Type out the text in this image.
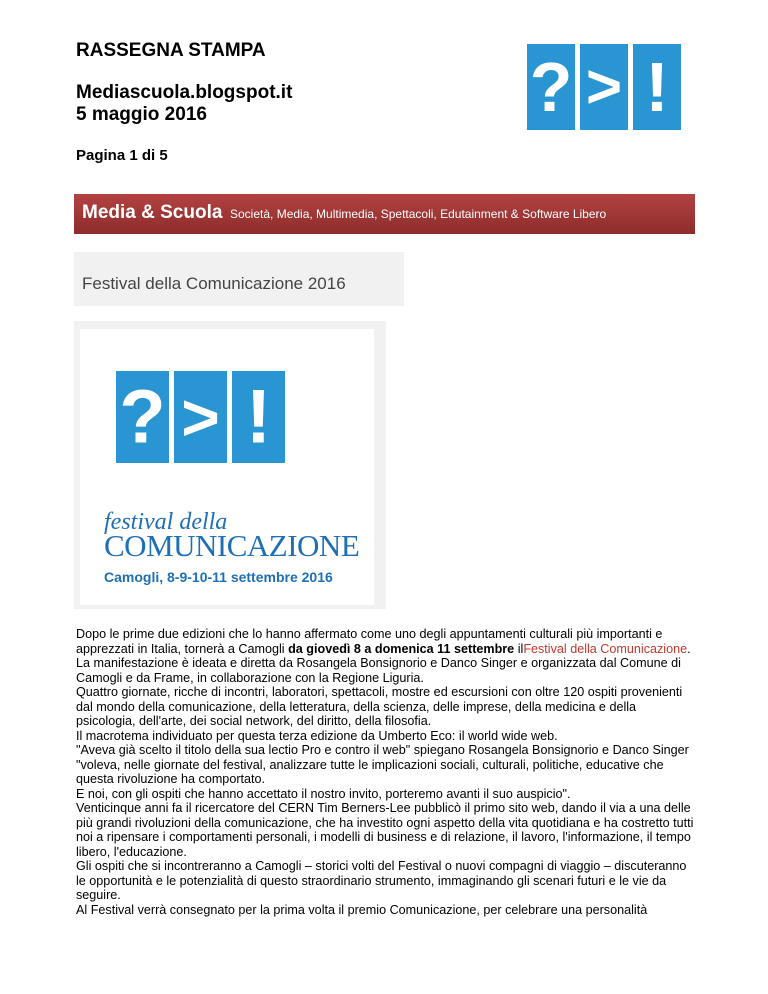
RASSEGNA STAMPA
Mediascuola.blogspot.it
5 maggio 2016
Pagina 1 di 5
? > !
Media & Scuola Società, Media, Multimedia, Spettacoli, Edutainment & Software Libero
Festival della Comunicazione 2016
? > !
festival della
COMUNICAZIONE
Camogli, 8-9-10-11 settembre 2016

Dopo le prime due edizioni che lo hanno affermato come uno degli appuntamenti culturali più importanti e apprezzati in Italia, tornerà a Camogli da giovedì 8 a domenica 11 settembre ilFestival della Comunicazione.

La manifestazione è ideata e diretta da Rosangela Bonsignorio e Danco Singer e organizzata dal Comune di Camogli e da Frame, in collaborazione con la Regione Liguria.

Quattro giornate, ricche di incontri, laboratori, spettacoli, mostre ed escursioni con oltre 120 ospiti provenienti dal mondo della comunicazione, della letteratura, della scienza, delle imprese, della medicina e della psicologia, dell'arte, dei social network, del diritto, della filosofia.

Il macrotema individuato per questa terza edizione da Umberto Eco: il world wide web.

"Aveva già scelto il titolo della sua lectio Pro e contro il web" spiegano Rosangela Bonsignorio e Danco Singer "voleva, nelle giornate del festival, analizzare tutte le implicazioni sociali, culturali, politiche, educative che questa rivoluzione ha comportato.

E noi, con gli ospiti che hanno accettato il nostro invito, porteremo avanti il suo auspicio".

Venticinque anni fa il ricercatore del CERN Tim Berners-Lee pubblicò il primo sito web, dando il via a una delle più grandi rivoluzioni della comunicazione, che ha investito ogni aspetto della vita quotidiana e ha costretto tutti noi a ripensare i comportamenti personali, i modelli di business e di relazione, il lavoro, l'informazione, il tempo libero, l'educazione.

Gli ospiti che si incontreranno a Camogli – storici volti del Festival o nuovi compagni di viaggio – discuteranno le opportunità e le potenzialità di questo straordinario strumento, immaginando gli scenari futuri e le vie da seguire.

Al Festival verrà consegnato per la prima volta il premio Comunicazione, per celebrare una personalità
